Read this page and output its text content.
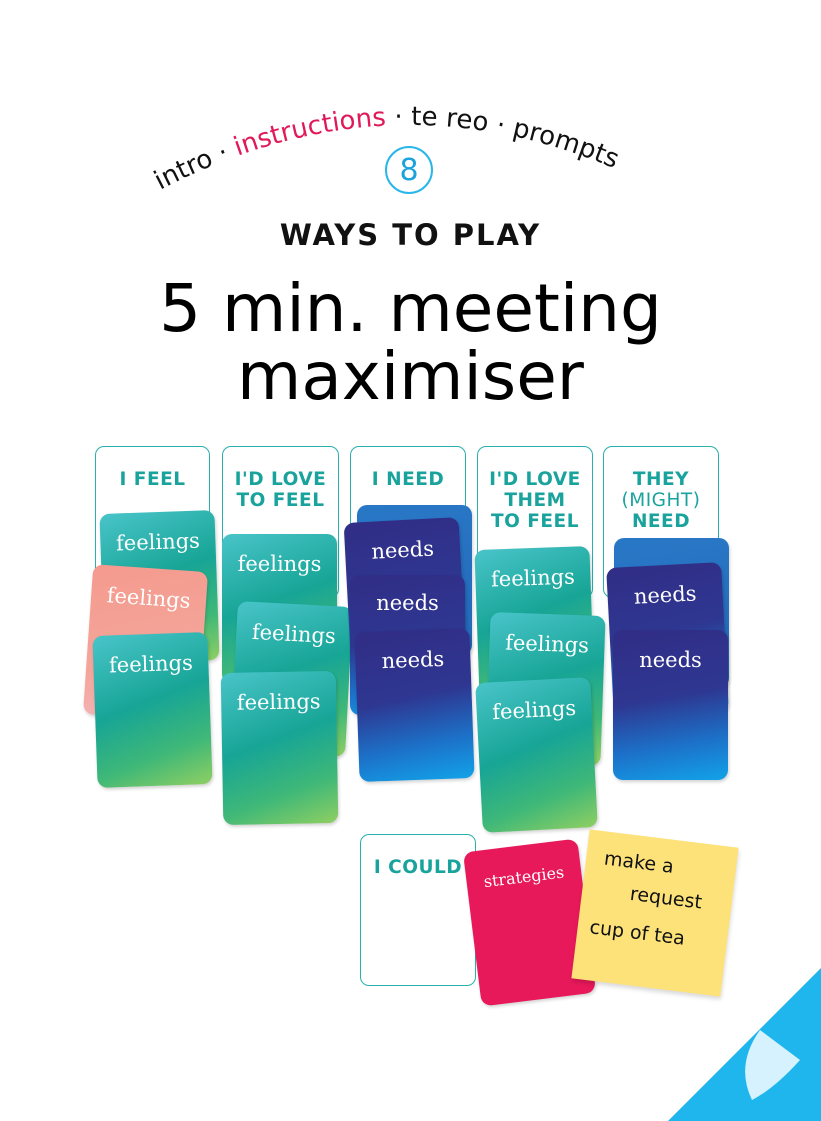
intro · instructions · te reo · prompts
8
WAYS TO PLAY
5 min. meeting
maximiser
I FEEL	I'D LOVE
TO FEEL
I NEED	I'D LOVE
THEM
TO FEEL
THEY
(MIGHT)
NEED
I COULD
feelings
feelings
feelings
feelings
feelings
feelings
needs
needs
needs
feelings
feelings
feelings
needs
needs
strategies	make a
request
cup of tea
